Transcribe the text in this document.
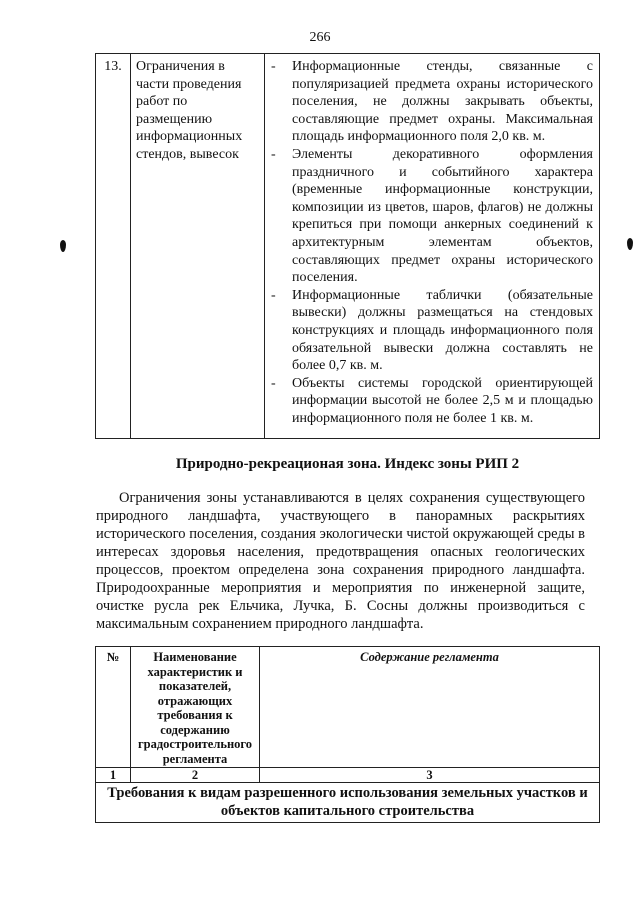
266
13.	Ограничения в части проведения работ по размещению информационных стендов, вывесок	
- Информационные стенды, связанные с популяризацией предмета охраны исторического поселения, не должны закрывать объекты, составляющие предмет охраны. Максимальная площадь информационного поля 2,0 кв. м.
- Элементы декоративного оформления праздничного и событийного характера (временные информационные конструкции, композиции из цветов, шаров, флагов) не должны крепиться при помощи анкерных соединений к архитектурным элементам объектов, составляющих предмет охраны исторического поселения.
- Информационные таблички (обязательные вывески) должны размещаться на стендовых конструкциях и площадь информационного поля обязательной вывески должна составлять не более 0,7 кв. м.
- Объекты системы городской ориентирующей информации высотой не более 2,5 м и площадью информационного поля не более 1 кв. м.
Природно-рекреационая зона. Индекс зоны РИП 2
Ограничения зоны устанавливаются в целях сохранения существующего природного ландшафта, участвующего в панорамных раскрытиях исторического поселения, создания экологически чистой окружающей среды в интересах здоровья населения, предотвращения опасных геологических процессов, проектом определена зона сохранения природного ландшафта. Природоохранные мероприятия и мероприятия по инженерной защите, очистке русла рек Ельчика, Лучка, Б. Сосны должны производиться с максимальным сохранением природного ландшафта.
№	Наименование характеристик и показателей, отражающих требования к содержанию градостроительного регламента	Содержание регламента
1	2	3
Требования к видам разрешенного использования земельных участков и объектов капитального строительства		
